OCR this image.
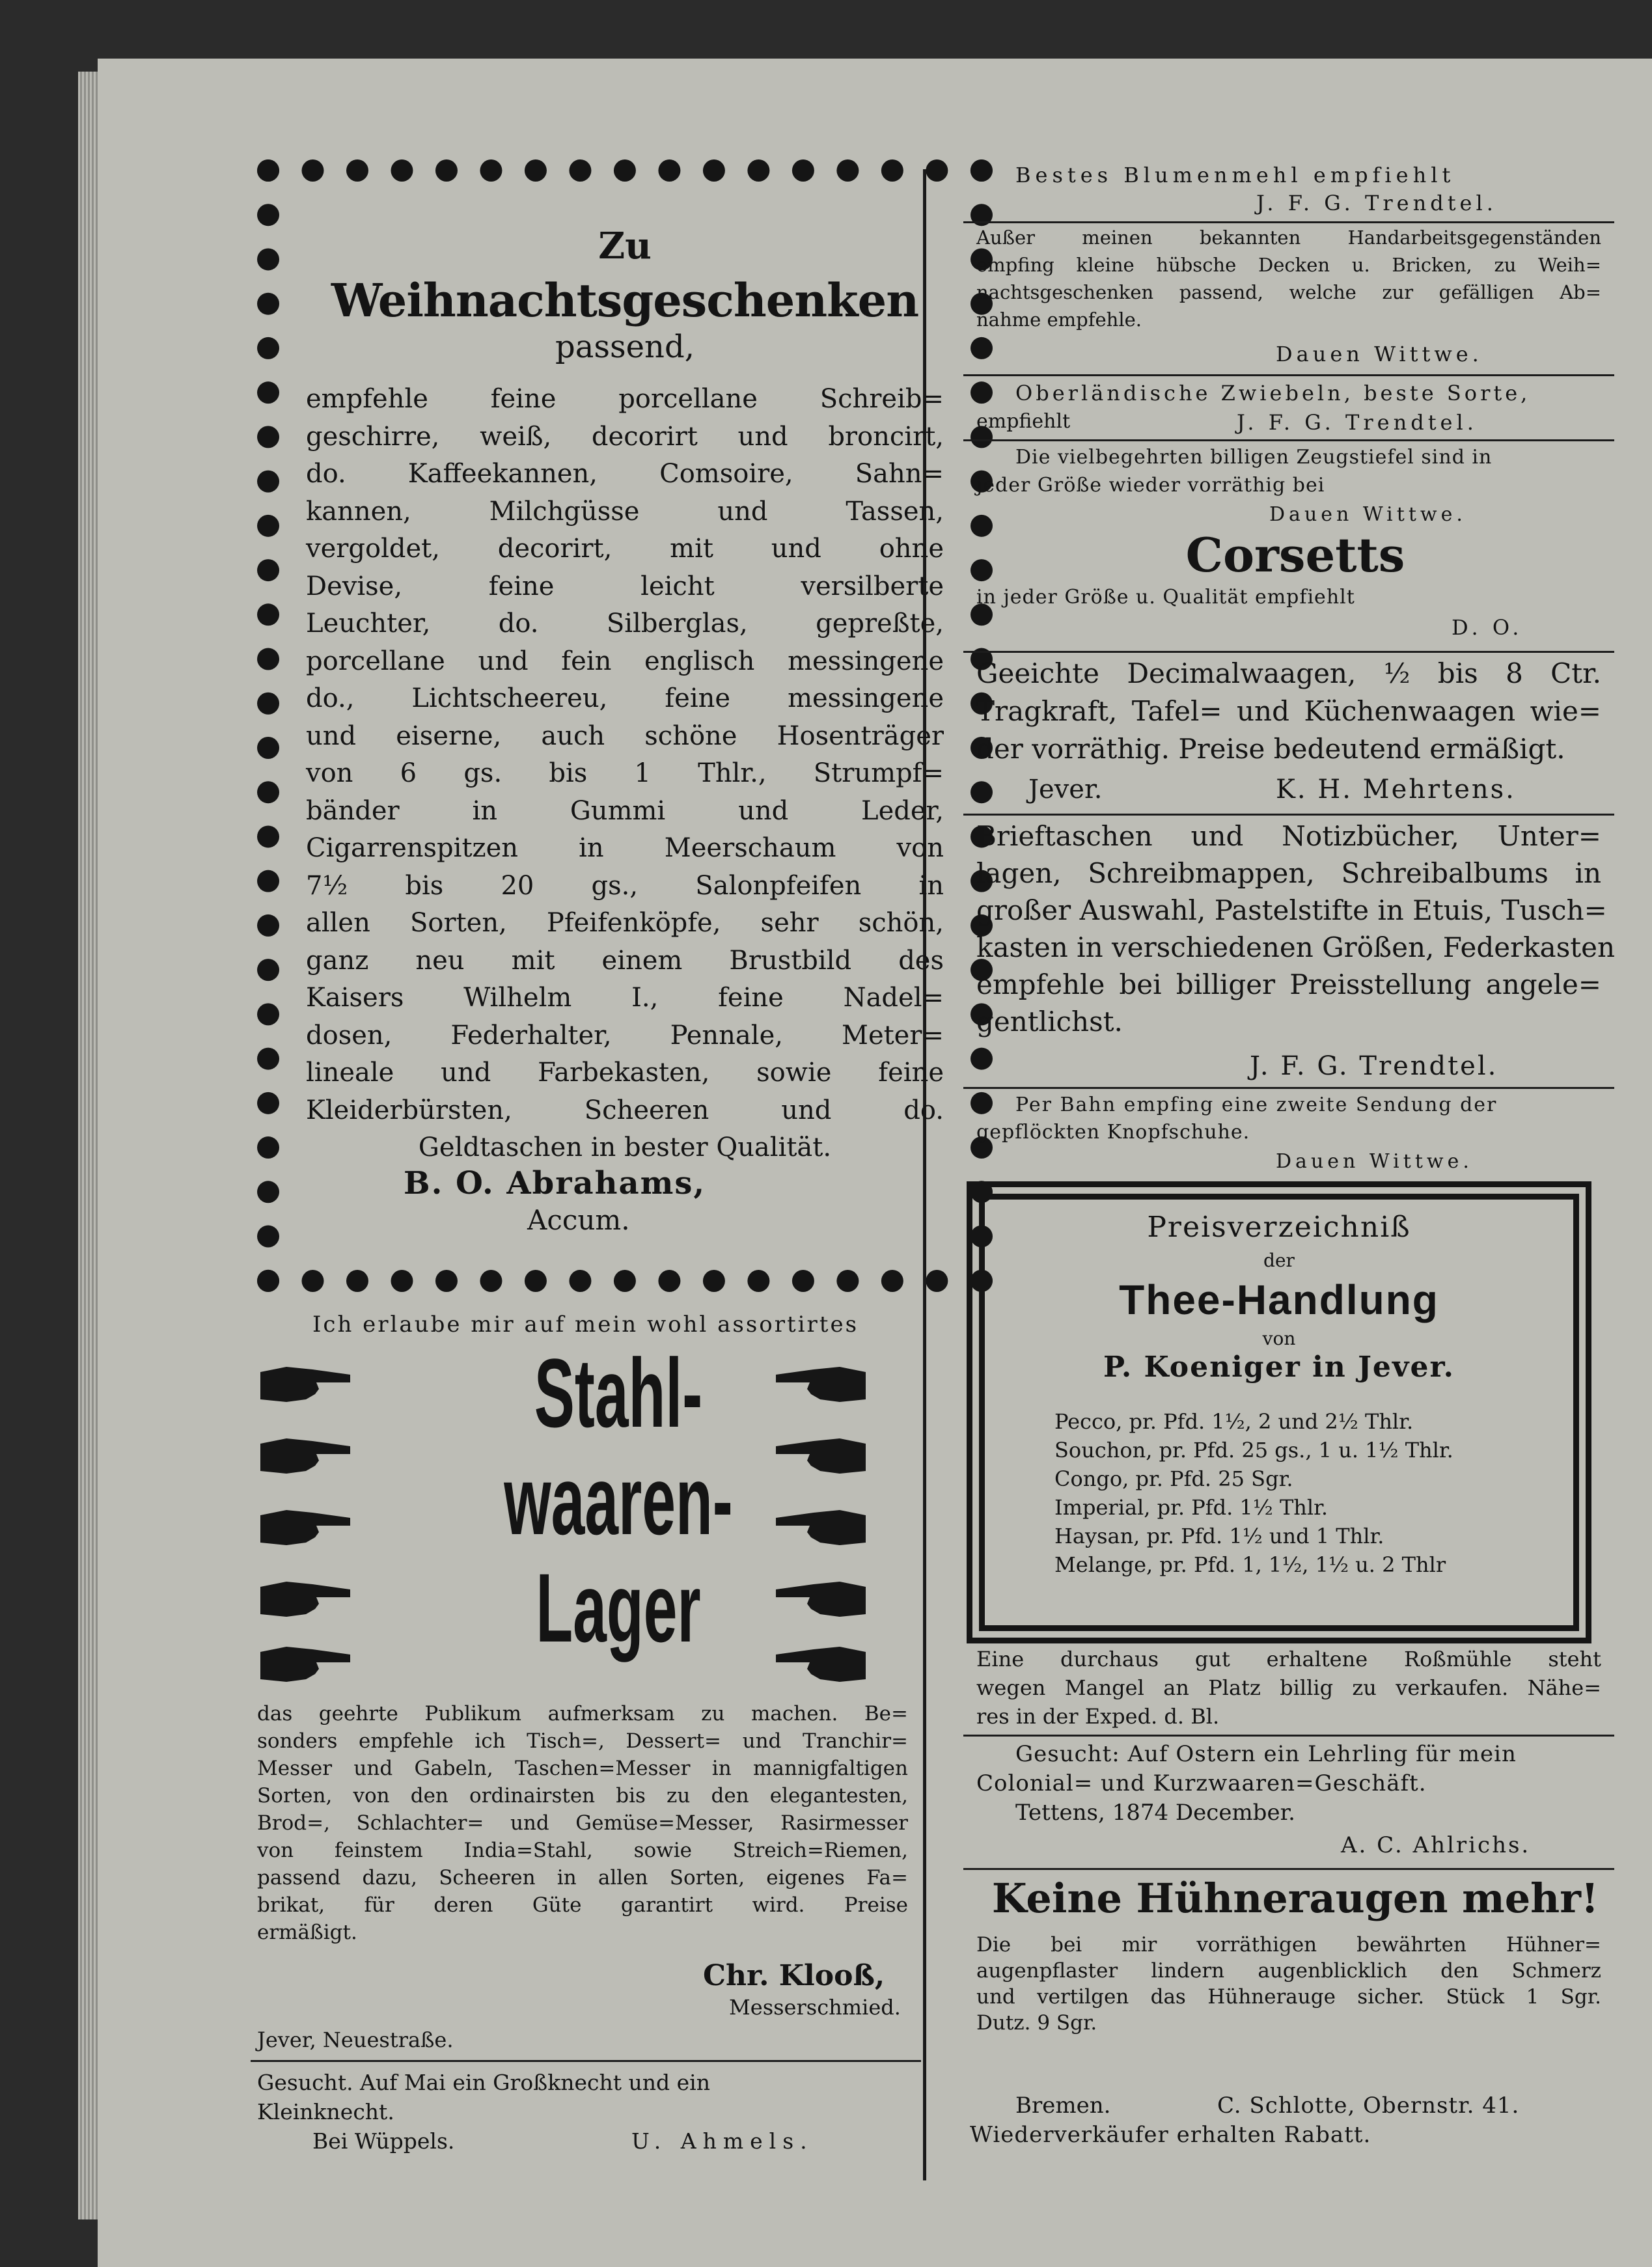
Zu

Weihnachtsgeschenken

passend,

empfehle feine porcellane Schreib=

geschirre, weiß, decorirt und broncirt,

do. Kaffeekannen, Comsoire, Sahn=

kannen, Milchgüsse und Tassen,

vergoldet, decorirt, mit und ohne

Devise, feine leicht versilberte

Leuchter, do. Silberglas, gepreßte,

porcellane und fein englisch messingene

do., Lichtscheereu, feine messingene

und eiserne, auch schöne Hosenträger

von 6 gs. bis 1 Thlr., Strumpf=

bänder in Gummi und Leder,

Cigarrenspitzen in Meerschaum von

7½ bis 20 gs., Salonpfeifen in

allen Sorten, Pfeifenköpfe, sehr schön,

ganz neu mit einem Brustbild des

Kaisers Wilhelm I., feine Nadel=

dosen, Federhalter, Pennale, Meter=

lineale und Farbekasten, sowie feine

Kleiderbürsten, Scheeren und do.

Geldtaschen in bester Qualität.

B. O. Abrahams,

Accum.

Ich erlaube mir auf mein wohl assortirtes

Stahl-

waaren-

Lager

das geehrte Publikum aufmerksam zu machen. Be=

sonders empfehle ich Tisch=, Dessert= und Tranchir=

Messer und Gabeln, Taschen=Messer in mannigfaltigen

Sorten, von den ordinairsten bis zu den elegantesten,

Brod=, Schlachter= und Gemüse=Messer, Rasirmesser

von feinstem India=Stahl, sowie Streich=Riemen,

passend dazu, Scheeren in allen Sorten, eigenes Fa=

brikat, für deren Güte garantirt wird. Preise

ermäßigt.

Chr. Klooß,

Messerschmied.

Jever, Neuestraße.

Gesucht. Auf Mai ein Großknecht und ein

Kleinknecht.

Bei Wüppels.	U. Ahmels.

Bestes Blumenmehl empfiehlt

J. F. G. Trendtel.

Außer meinen bekannten Handarbeitsgegenständen

empfing kleine hübsche Decken u. Bricken, zu Weih=

nachtsgeschenken passend, welche zur gefälligen Ab=

nahme empfehle.

Dauen Wittwe.

Oberländische Zwiebeln, beste Sorte,

empfiehlt	J. F. G. Trendtel.

Die vielbegehrten billigen Zeugstiefel sind in

jeder Größe wieder vorräthig bei

Dauen Wittwe.

Corsetts

in jeder Größe u. Qualität empfiehlt

D. O.

Geeichte Decimalwaagen, ½ bis 8 Ctr.

Tragkraft, Tafel= und Küchenwaagen wie=

der vorräthig. Preise bedeutend ermäßigt.

Jever.	K. H. Mehrtens.

Brieftaschen und Notizbücher, Unter=

lagen, Schreibmappen, Schreibalbums in

großer Auswahl, Pastelstifte in Etuis, Tusch=

kasten in verschiedenen Größen, Federkasten

empfehle bei billiger Preisstellung angele=

gentlichst.

J. F. G. Trendtel.

Per Bahn empfing eine zweite Sendung der

gepflöckten Knopfschuhe.

Dauen Wittwe.

Preisverzeichniß

der

Thee-Handlung

von

P. Koeniger in Jever.

Pecco, pr. Pfd. 1½, 2 und 2½ Thlr.

Souchon, pr. Pfd. 25 gs., 1 u. 1½ Thlr.

Congo, pr. Pfd. 25 Sgr.

Imperial, pr. Pfd. 1½ Thlr.

Haysan, pr. Pfd. 1½ und 1 Thlr.

Melange, pr. Pfd. 1, 1½, 1½ u. 2 Thlr

Eine durchaus gut erhaltene Roßmühle steht

wegen Mangel an Platz billig zu verkaufen. Nähe=

res in der Exped. d. Bl.

Gesucht: Auf Ostern ein Lehrling für mein

Colonial= und Kurzwaaren=Geschäft.

Tettens, 1874 December.

A. C. Ahlrichs.

Keine Hühneraugen mehr!

Die bei mir vorräthigen bewährten Hühner=

augenpflaster lindern augenblicklich den Schmerz

und vertilgen das Hühnerauge sicher. Stück 1 Sgr.

Dutz. 9 Sgr.

Bremen.	C. Schlotte, Obernstr. 41.

Wiederverkäufer erhalten Rabatt.
